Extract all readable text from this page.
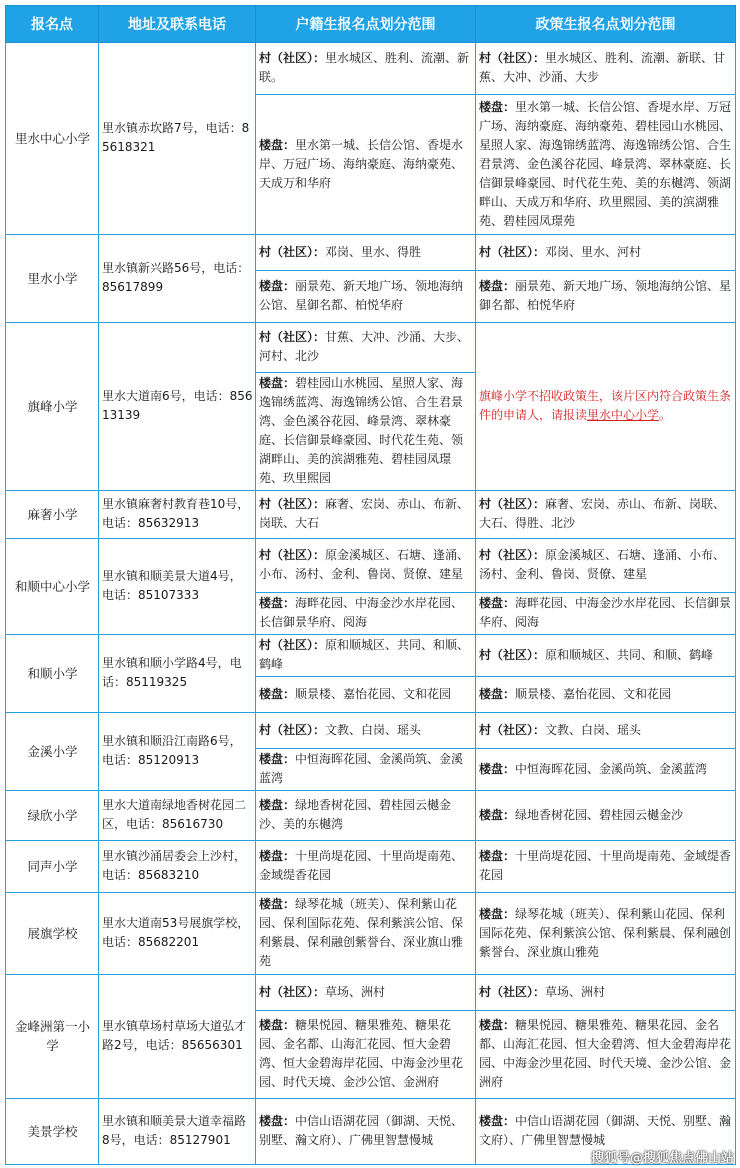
报名点	地址及联系电话	户籍生报名点划分范围	政策生报名点划分范围
里水中心小学	里水镇赤坎路7号，电话：85618321	村（社区）：里水城区、胜利、流潮、新联。	村（社区）：里水城区、胜利、流潮、新联、甘蕉、大冲、沙涌、大步
		楼盘：里水第一城、长信公馆、香堤水岸、万冠广场、海纳豪庭、海纳豪苑、天成万和华府	楼盘：里水第一城、长信公馆、香堤水岸、万冠广场、海纳豪庭、海纳豪苑、碧桂园山水桃园、星照人家、海逸锦绣蓝湾、海逸锦绣公馆、合生君景湾、金色溪谷花园、峰景湾、翠林豪庭、长信御景峰豪园、时代花生苑、美的东樾湾、领湖畔山、天成万和华府、玖里熙园、美的滨湖雅苑、碧桂园凤璟苑
里水小学	里水镇新兴路56号，电话：85617899	村（社区）：邓岗、里水、得胜	村（社区）：邓岗、里水、河村
		楼盘：丽景苑、新天地广场、领地海纳公馆、星御名都、柏悦华府	楼盘：丽景苑、新天地广场、领地海纳公馆、星御名都、柏悦华府
旗峰小学	里水大道南6号，电话：85613139	村（社区）：甘蕉、大冲、沙涌、大步、河村、北沙	旗峰小学不招收政策生，该片区内符合政策生条件的申请人，请报读里水中心小学。
		楼盘：碧桂园山水桃园、星照人家、海逸锦绣蓝湾、海逸锦绣公馆、合生君景湾、金色溪谷花园、峰景湾、翠林豪庭、长信御景峰豪园、时代花生苑、领湖畔山、美的滨湖雅苑、碧桂园凤璟苑、玖里熙园	
麻奢小学	里水镇麻奢村教育巷10号，电话：85632913	村（社区）：麻奢、宏岗、赤山、布新、岗联、大石	村（社区）：麻奢、宏岗、赤山、布新、岗联、大石、得胜、北沙
和顺中心小学	里水镇和顺美景大道4号，电话：85107333	村（社区）：原金溪城区、石塘、逢涌、小布、汤村、金利、鲁岗、贤僚、建星	村（社区）：原金溪城区、石塘、逢涌、小布、汤村、金利、鲁岗、贤僚、建星
		楼盘：海畔花园、中海金沙水岸花园、长信御景华府、阅海	楼盘：海畔花园、中海金沙水岸花园、长信御景华府、阅海
和顺小学	里水镇和顺小学路4号，电话：85119325	村（社区）：原和顺城区、共同、和顺、鹤峰	村（社区）：原和顺城区、共同、和顺、鹤峰
		楼盘：顺景楼、嘉怡花园、文和花园	楼盘：顺景楼、嘉怡花园、文和花园
金溪小学	里水镇和顺沿江南路6号，电话：85120913	村（社区）：文教、白岗、瑶头	村（社区）：文教、白岗、瑶头
		楼盘：中恒海晖花园、金溪尚筑、金溪蓝湾	楼盘：中恒海晖花园、金溪尚筑、金溪蓝湾
绿欣小学	里水大道南绿地香树花园二区，电话：85616730	楼盘：绿地香树花园、碧桂园云樾金沙、美的东樾湾	楼盘：绿地香树花园、碧桂园云樾金沙
同声小学	里水镇沙涌居委会上沙村，电话：85683210	楼盘：十里尚堤花园、十里尚堤南苑、金域缇香花园	楼盘：十里尚堤花园、十里尚堤南苑、金域缇香花园
展旗学校	里水大道南53号展旗学校，电话：85682201	楼盘：绿琴花城（班芙）、保利紫山花园、保利国际花苑、保利紫滨公馆、保利紫晨、保利融创紫誉台、深业旗山雅苑	楼盘：绿琴花城（班芙）、保利紫山花园、保利国际花苑、保利紫滨公馆、保利紫晨、保利融创紫誉台、深业旗山雅苑
金峰洲第一小学	里水镇草场村草场大道弘才路2号，电话：85656301	村（社区）：草场、洲村	村（社区）：草场、洲村
		楼盘：糖果悦园、糖果雅苑、糖果花园、金名都、山海汇花园、恒大金碧湾、恒大金碧海岸花园、中海金沙里花园、时代天境、金沙公馆、金洲府	楼盘：糖果悦园、糖果雅苑、糖果花园、金名都、山海汇花园、恒大金碧湾、恒大金碧海岸花园、中海金沙里花园、时代天境、金沙公馆、金洲府
美景学校	里水镇和顺美景大道幸福路8号，电话：85127901	楼盘：中信山语湖花园（御湖、天悦、别墅、瀚文府）、广佛里智慧慢城	楼盘：中信山语湖花园（御湖、天悦、别墅、瀚文府）、广佛里智慧慢城
搜狐号@搜狐焦点佛山站
